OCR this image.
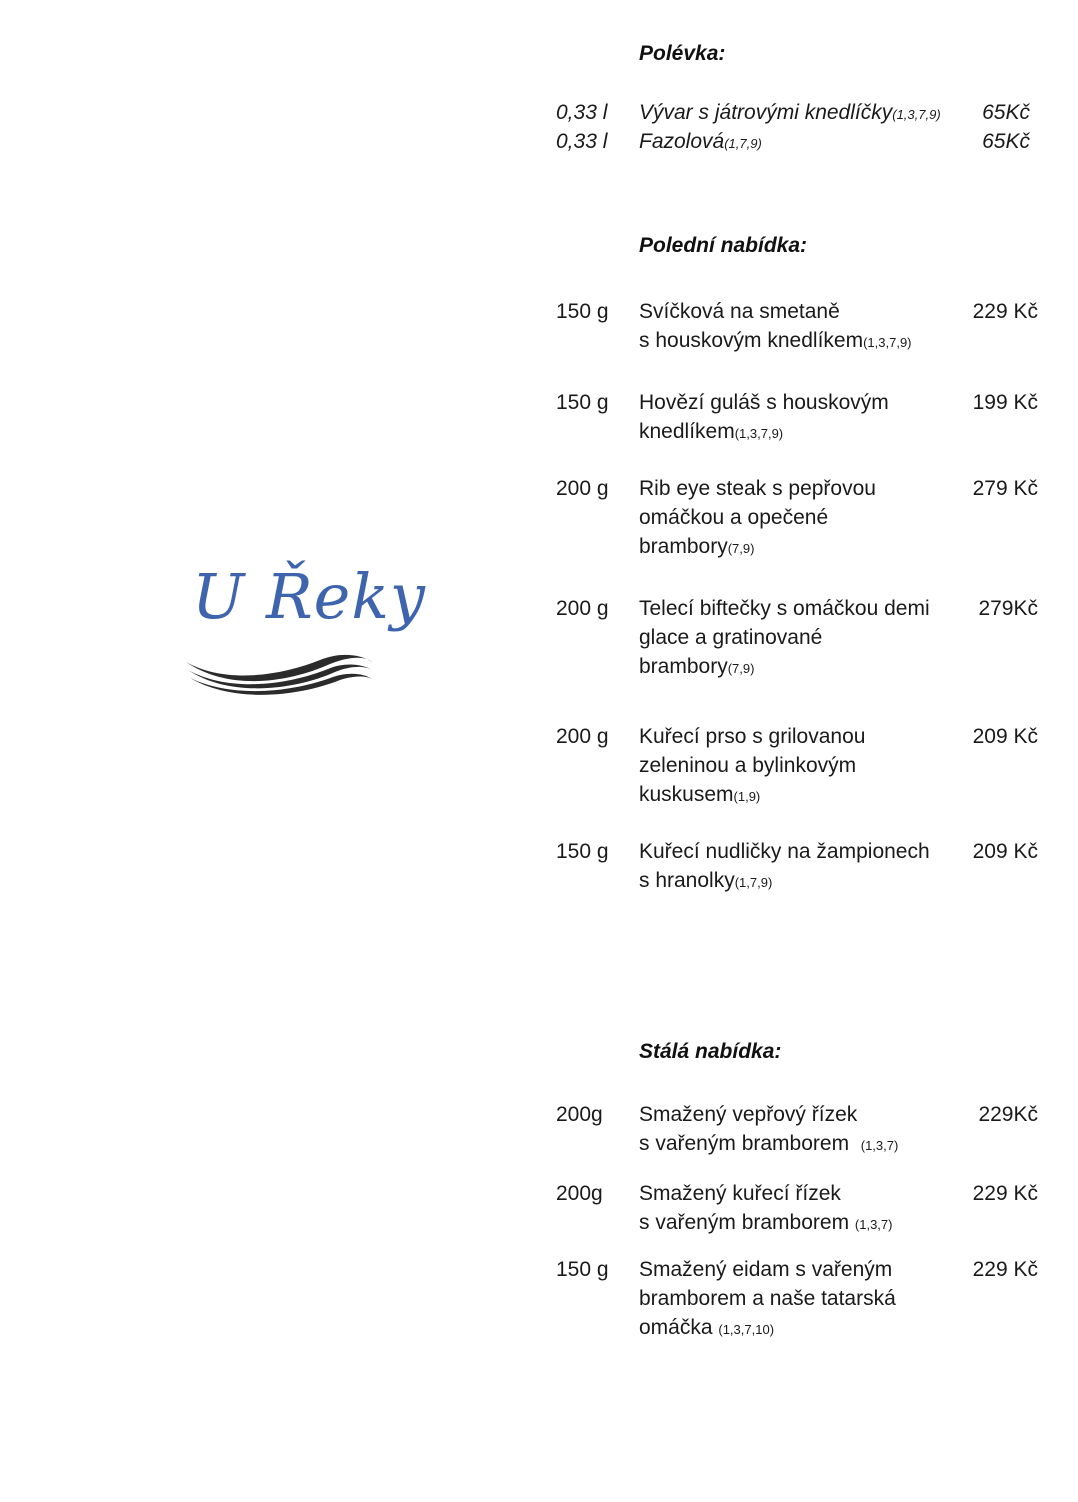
U Řeky
Polévka:
Polední nabídka:
Stálá nabídka:
0,33 l Vývar s játrovými knedlíčky(1,3,7,9)	65Kč
0,33 l Fazolová(1,7,9)	65Kč
150 g Svíčková na smetaně
s houskovým knedlíkem(1,3,7,9)
229 Kč
150 g Hovězí guláš s houskovým
knedlíkem(1,3,7,9)
199 Kč
200 g Rib eye steak s pepřovou
omáčkou a opečené
brambory(7,9)
279 Kč
200 g Telecí biftečky s omáčkou demi
glace a gratinované
brambory(7,9)
279Kč
200 g Kuřecí prso s grilovanou
zeleninou a bylinkovým
kuskusem(1,9)
209 Kč
150 g Kuřecí nudličky na žampionech
s hranolky(1,7,9)
209 Kč
200g Smažený vepřový řízek
s vařeným bramborem  (1,3,7)
229Kč
200g Smažený kuřecí řízek
s vařeným bramborem (1,3,7)
229 Kč
150 g Smažený eidam s vařeným
bramborem a naše tatarská
omáčka (1,3,7,10)
229 Kč
